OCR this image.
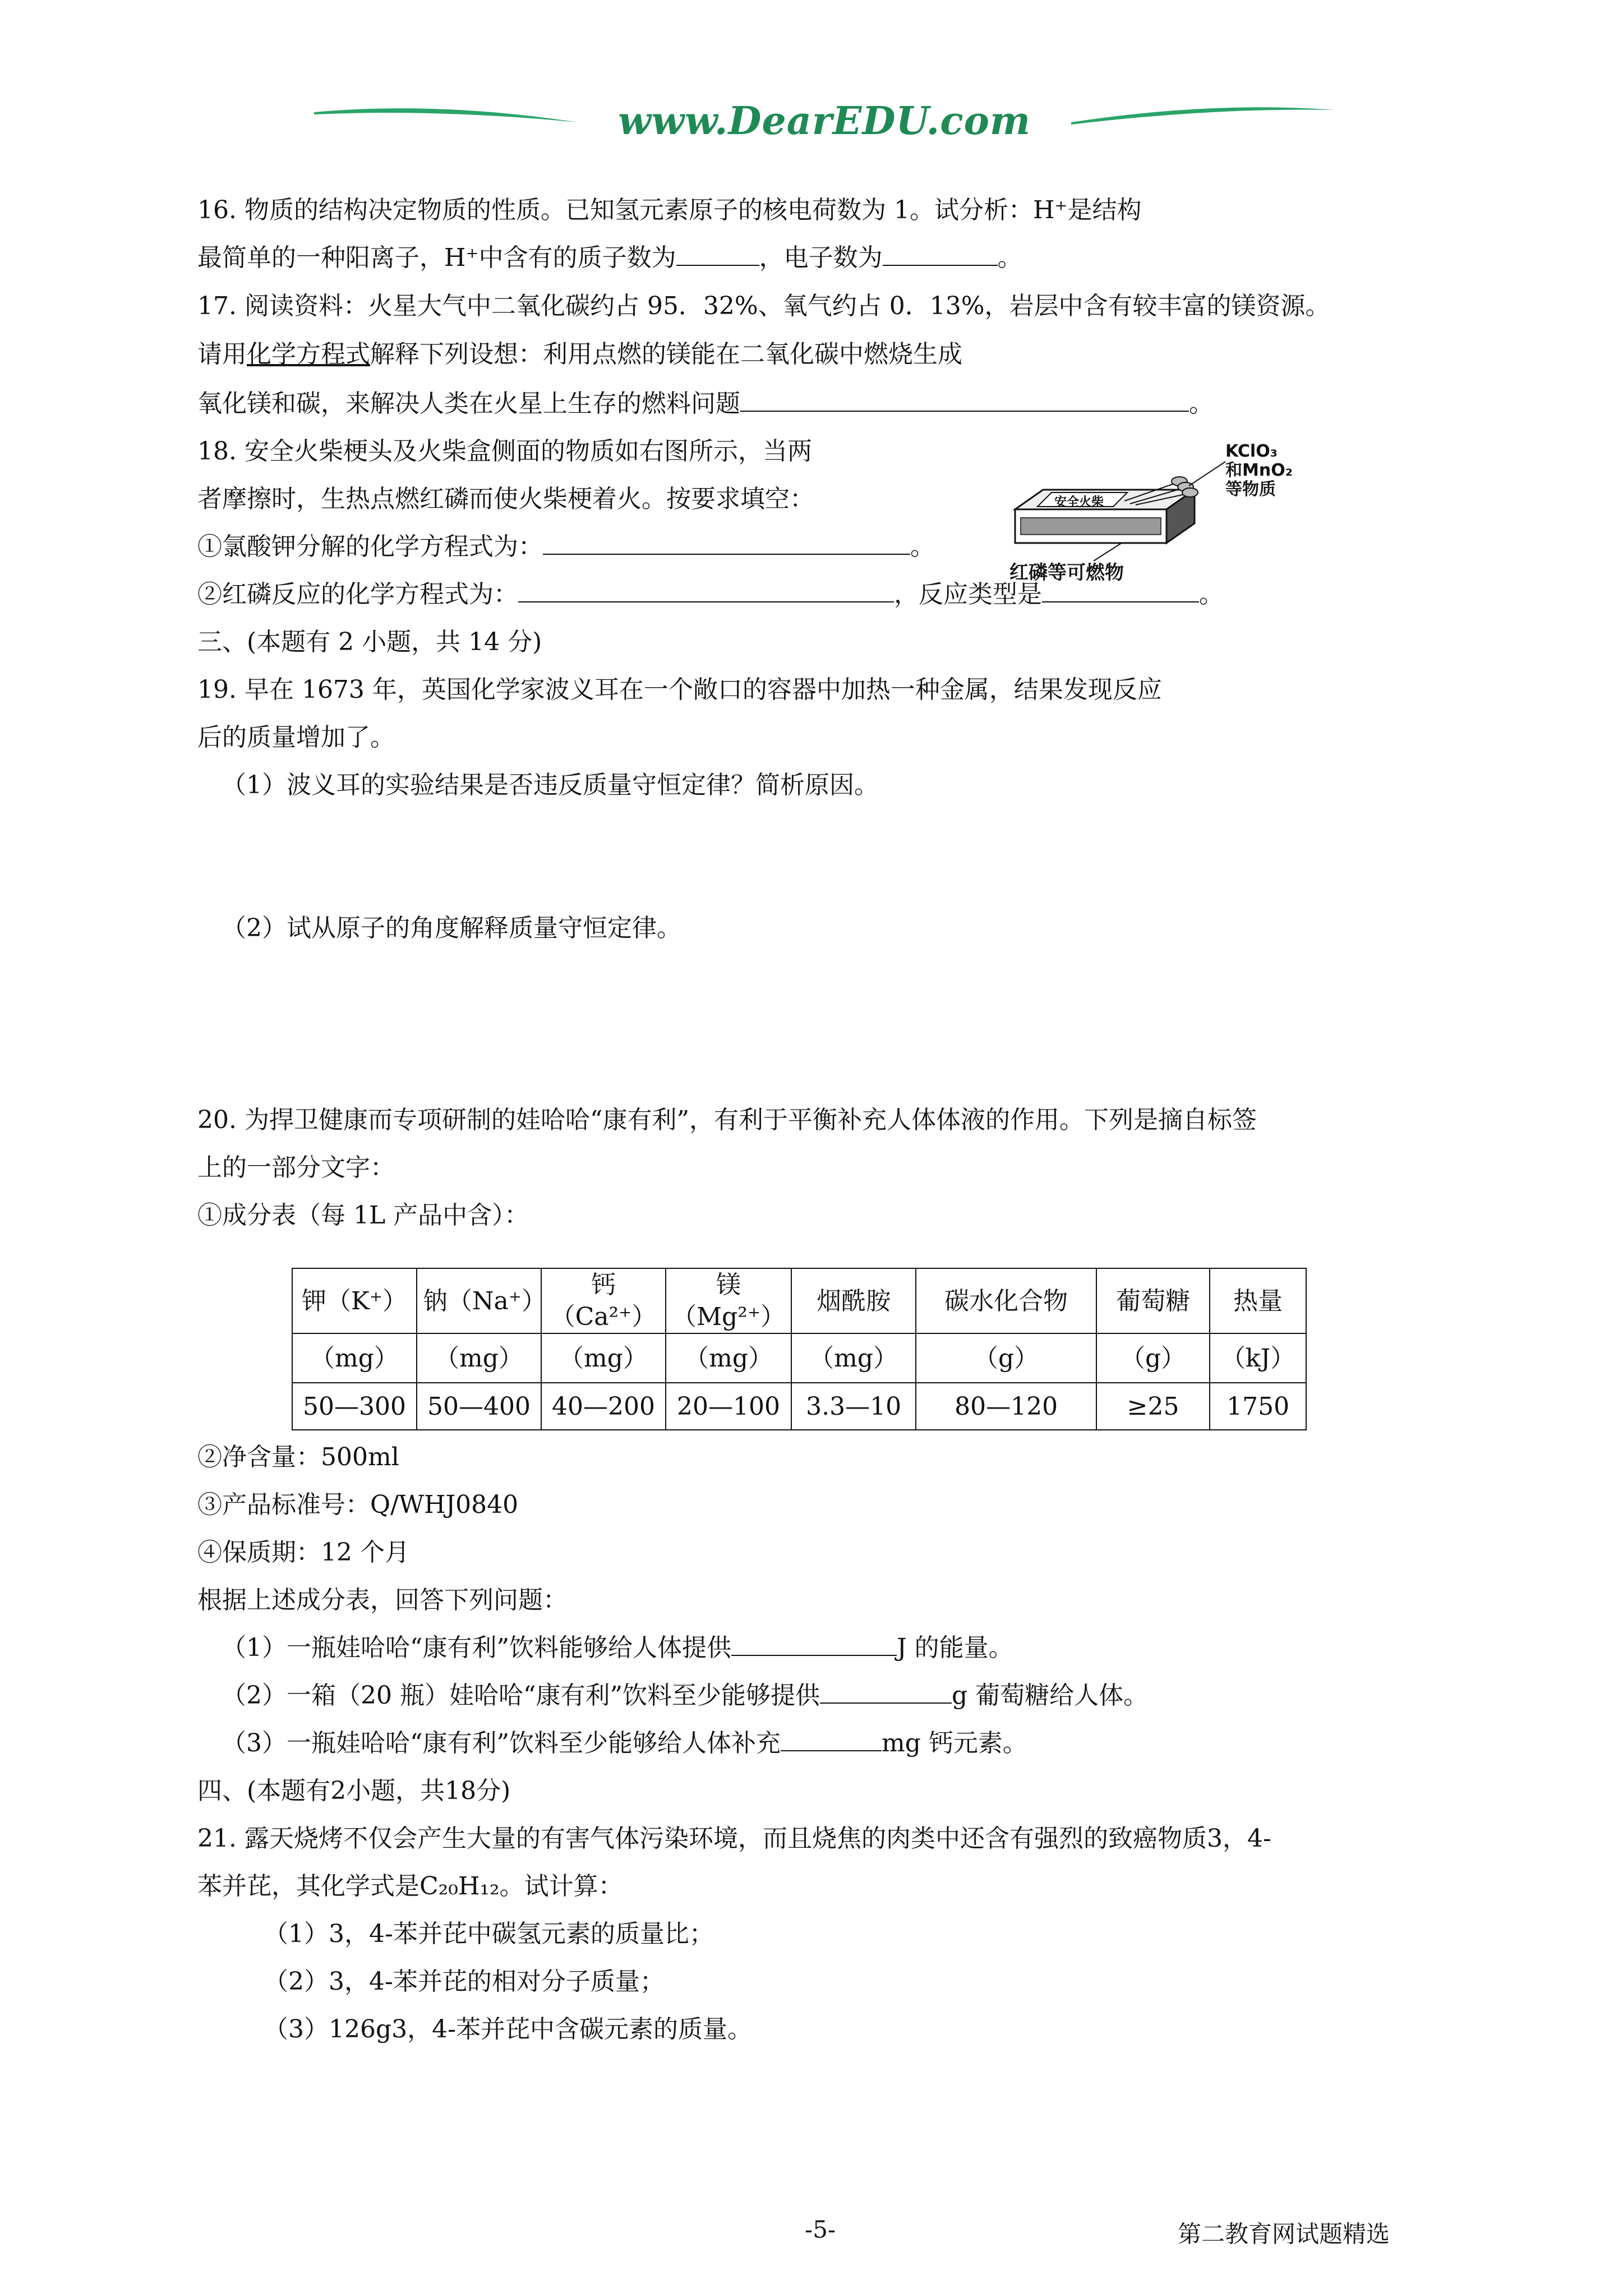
www.DearEDU.com
16. 物质的结构决定物质的性质。已知氢元素原子的核电荷数为 1。试分析：H⁺是结构
最简单的一种阳离子，H⁺中含有的质子数为	，电子数为	。
17. 阅读资料：火星大气中二氧化碳约占 95．32%、氧气约占 0．13%，岩层中含有较丰富的镁资源。
请用化学方程式解释下列设想：利用点燃的镁能在二氧化碳中燃烧生成
氧化镁和碳，来解决人类在火星上生存的燃料问题	。
18. 安全火柴梗头及火柴盒侧面的物质如右图所示，当两
者摩擦时，生热点燃红磷而使火柴梗着火。按要求填空：
①氯酸钾分解的化学方程式为：	。
②红磷反应的化学方程式为：	，反应类型是	。
安全火柴
KClO₃
和MnO₂
等物质
红磷等可燃物
三、(本题有 2 小题，共 14 分)
19. 早在 1673 年，英国化学家波义耳在一个敞口的容器中加热一种金属，结果发现反应
后的质量增加了。
（1）波义耳的实验结果是否违反质量守恒定律？简析原因。
（2）试从原子的角度解释质量守恒定律。
20. 为捍卫健康而专项研制的娃哈哈“康有利”，有利于平衡补充人体体液的作用。下列是摘自标签
上的一部分文字：
①成分表（每 1L 产品中含）：
钾（K⁺）	钠（Na⁺）	钙（Ca²⁺）	镁（Mg²⁺）	烟酰胺	碳水化合物	葡萄糖	热量
（mg）	（mg）	（mg）	（mg）	（mg）	（g）	（g）	（kJ）
50—300	50—400	40—200	20—100	3.3—10	80—120	≥25	1750
②净含量：500ml
③产品标准号：Q/WHJ0840
④保质期：12 个月
根据上述成分表，回答下列问题：
（1）一瓶娃哈哈“康有利”饮料能够给人体提供	J 的能量。
（2）一箱（20 瓶）娃哈哈“康有利”饮料至少能够提供	g 葡萄糖给人体。
（3）一瓶娃哈哈“康有利”饮料至少能够给人体补充	mg 钙元素。
四、(本题有2小题，共18分)
21. 露天烧烤不仅会产生大量的有害气体污染环境，而且烧焦的肉类中还含有强烈的致癌物质3，4-
苯并芘，其化学式是C₂₀H₁₂。试计算：
（1）3，4-苯并芘中碳氢元素的质量比；
（2）3，4-苯并芘的相对分子质量；
（3）126g3，4-苯并芘中含碳元素的质量。
-5-	第二教育网试题精选
